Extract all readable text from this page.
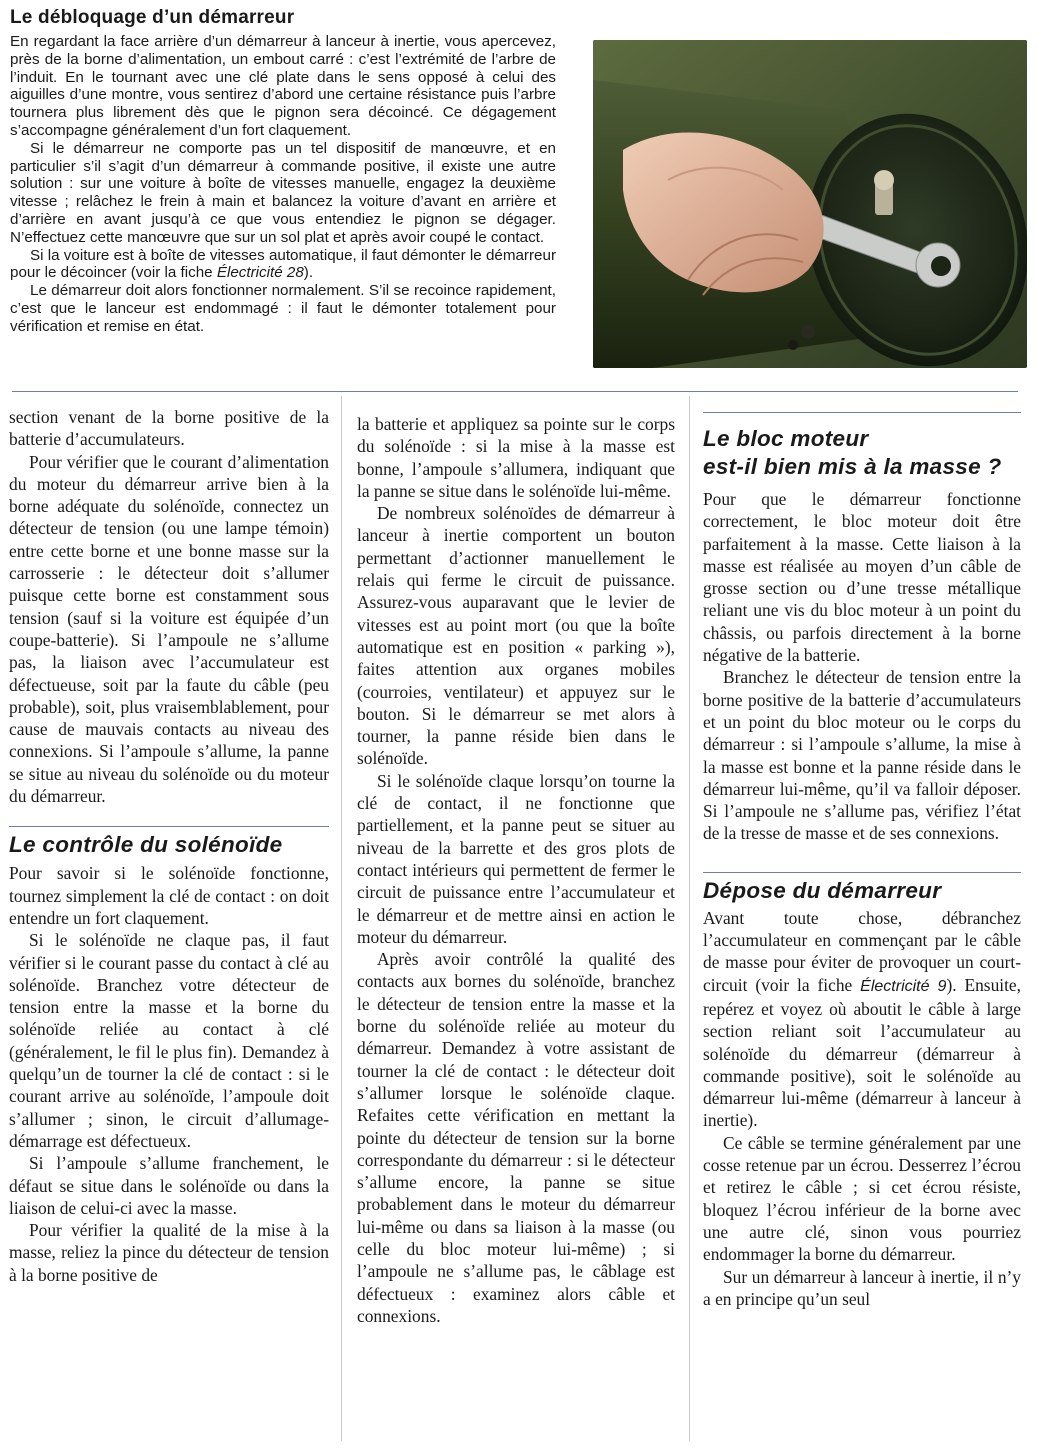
Le débloquage d’un démarreur

En regardant la face arrière d’un démarreur à lanceur à inertie, vous apercevez, près de la borne d’alimentation, un embout carré : c’est l’extrémité de l’arbre de l’induit. En le tournant avec une clé plate dans le sens opposé à celui des aiguilles d’une montre, vous sentirez d’abord une certaine résistance puis l’arbre tournera plus librement dès que le pignon sera décoincé. Ce dégagement s’accompagne généralement d’un fort claquement.

Si le démarreur ne comporte pas un tel dispositif de manœuvre, et en particulier s’il s’agit d’un démarreur à commande positive, il existe une autre solution : sur une voiture à boîte de vitesses manuelle, engagez la deuxième vitesse ; relâchez le frein à main et balancez la voiture d’avant en arrière et d’arrière en avant jusqu’à ce que vous entendiez le pignon se dégager. N’effectuez cette manœuvre que sur un sol plat et après avoir coupé le contact.

Si la voiture est à boîte de vitesses automatique, il faut démonter le démarreur pour le décoincer (voir la fiche Électricité 28).

Le démarreur doit alors fonctionner normalement. S’il se recoince rapidement, c’est que le lanceur est endommagé : il faut le démonter totalement pour vérification et remise en état.

section venant de la borne positive de la batterie d’accumulateurs.

Pour vérifier que le courant d’alimentation du moteur du démarreur arrive bien à la borne adéquate du solénoïde, connectez un détecteur de tension (ou une lampe témoin) entre cette borne et une bonne masse sur la carrosserie : le détecteur doit s’allumer puisque cette borne est constamment sous tension (sauf si la voiture est équipée d’un coupe-batterie). Si l’ampoule ne s’allume pas, la liaison avec l’accumulateur est défectueuse, soit par la faute du câble (peu probable), soit, plus vraisemblablement, pour cause de mauvais contacts au niveau des connexions. Si l’ampoule s’allume, la panne se situe au niveau du solénoïde ou du moteur du démarreur.

Le contrôle du solénoïde

Pour savoir si le solénoïde fonctionne, tournez simplement la clé de contact : on doit entendre un fort claquement.

Si le solénoïde ne claque pas, il faut vérifier si le courant passe du contact à clé au solénoïde. Branchez votre détecteur de tension entre la masse et la borne du solénoïde reliée au contact à clé (généralement, le fil le plus fin). Demandez à quelqu’un de tourner la clé de contact : si le courant arrive au solénoïde, l’ampoule doit s’allumer ; sinon, le circuit d’allumage-démarrage est défectueux.

Si l’ampoule s’allume franchement, le défaut se situe dans le solénoïde ou dans la liaison de celui-ci avec la masse.

Pour vérifier la qualité de la mise à la masse, reliez la pince du détecteur de tension à la borne positive de

la batterie et appliquez sa pointe sur le corps du solénoïde : si la mise à la masse est bonne, l’ampoule s’allumera, indiquant que la panne se situe dans le solénoïde lui-même.

De nombreux solénoïdes de démarreur à lanceur à inertie comportent un bouton permettant d’actionner manuellement le relais qui ferme le circuit de puissance. Assurez-vous auparavant que le levier de vitesses est au point mort (ou que la boîte automatique est en position « parking »), faites attention aux organes mobiles (courroies, ventilateur) et appuyez sur le bouton. Si le démarreur se met alors à tourner, la panne réside bien dans le solénoïde.

Si le solénoïde claque lorsqu’on tourne la clé de contact, il ne fonctionne que partiellement, et la panne peut se situer au niveau de la barrette et des gros plots de contact intérieurs qui permettent de fermer le circuit de puissance entre l’accumulateur et le démarreur et de mettre ainsi en action le moteur du démarreur.

Après avoir contrôlé la qualité des contacts aux bornes du solénoïde, branchez le détecteur de tension entre la masse et la borne du solénoïde reliée au moteur du démarreur. Demandez à votre assistant de tourner la clé de contact : le détecteur doit s’allumer lorsque le solénoïde claque. Refaites cette vérification en mettant la pointe du détecteur de tension sur la borne correspondante du démarreur : si le détecteur s’allume encore, la panne se situe probablement dans le moteur du démarreur lui-même ou dans sa liaison à la masse (ou celle du bloc moteur lui-même) ; si l’ampoule ne s’allume pas, le câblage est défectueux : examinez alors câble et connexions.

Le bloc moteur
est-il bien mis à la masse ?

Pour que le démarreur fonctionne correctement, le bloc moteur doit être parfaitement à la masse. Cette liaison à la masse est réalisée au moyen d’un câble de grosse section ou d’une tresse métallique reliant une vis du bloc moteur à un point du châssis, ou parfois directement à la borne négative de la batterie.

Branchez le détecteur de tension entre la borne positive de la batterie d’accumulateurs et un point du bloc moteur ou le corps du démarreur : si l’ampoule s’allume, la mise à la masse est bonne et la panne réside dans le démarreur lui-même, qu’il va falloir déposer. Si l’ampoule ne s’allume pas, vérifiez l’état de la tresse de masse et de ses connexions.

Dépose du démarreur

Avant toute chose, débranchez l’accumulateur en commençant par le câble de masse pour éviter de provoquer un court-circuit (voir la fiche Électricité 9). Ensuite, repérez et voyez où aboutit le câble à large section reliant soit l’accumulateur au solénoïde du démarreur (démarreur à commande positive), soit le solénoïde au démarreur lui-même (démarreur à lanceur à inertie).

Ce câble se termine généralement par une cosse retenue par un écrou. Desserrez l’écrou et retirez le câble ; si cet écrou résiste, bloquez l’écrou inférieur de la borne avec une autre clé, sinon vous pourriez endommager la borne du démarreur.

Sur un démarreur à lanceur à inertie, il n’y a en principe qu’un seul
